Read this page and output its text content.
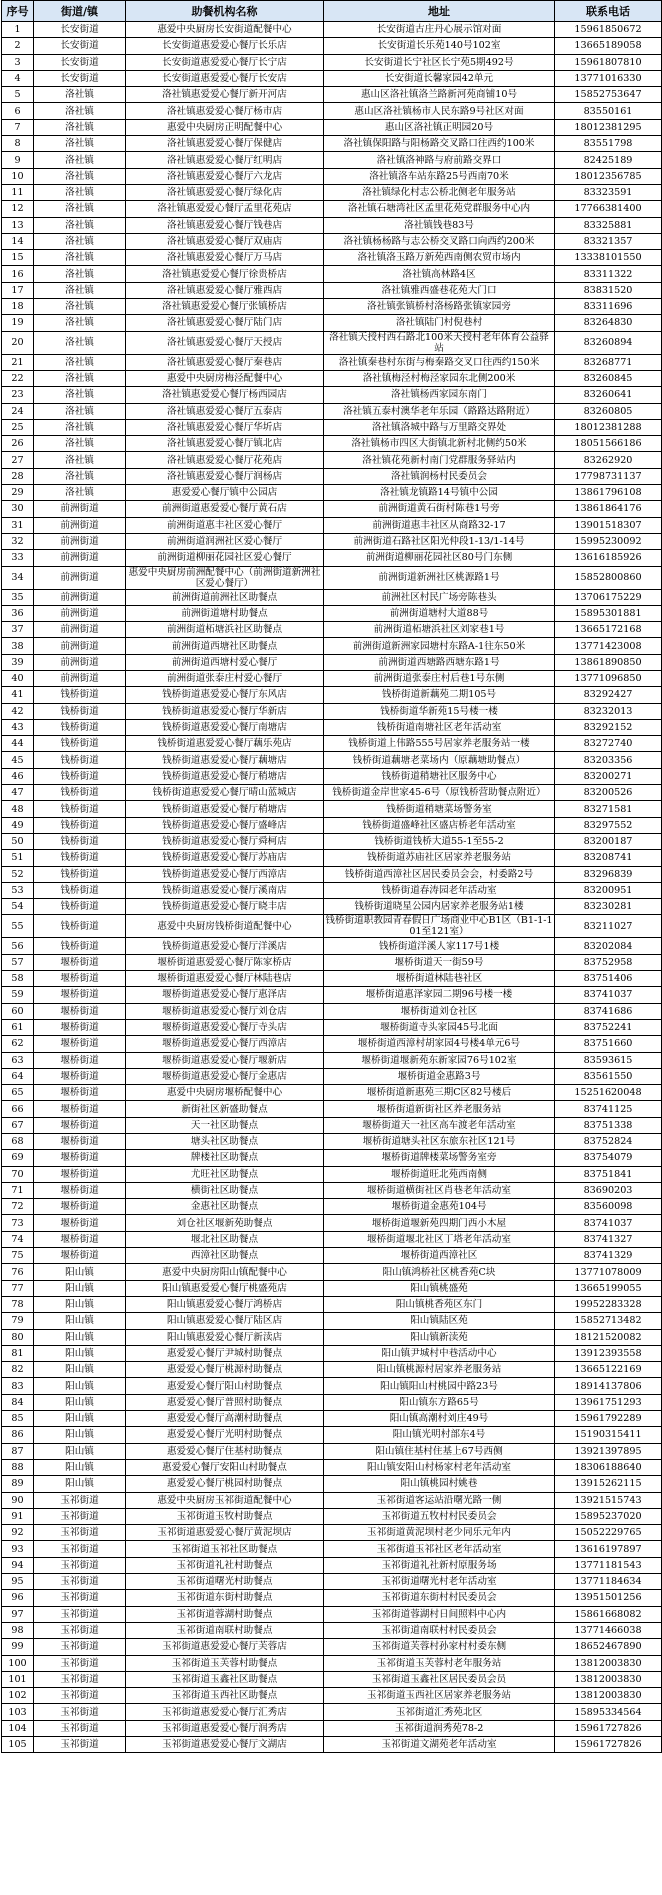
序号	街道/镇	助餐机构名称	地址	联系电话
1	长安街道	惠爱中央厨房长安街道配餐中心	长安街道古庄丹心展示馆对面	15961850672
2	长安街道	长安街道惠爱爱心餐厅长乐店	长安街道长乐苑140号102室	13665189058
3	长安街道	长安街道惠爱爱心餐厅长宁店	长安街道长宁社区长宁苑5期492号	15961807810
4	长安街道	长安街道惠爱爱心餐厅长安店	长安街道长馨家园42单元	13771016330
5	洛社镇	洛社镇惠爱爱心餐厅新开河店	惠山区洛社镇洛兰路新河苑商铺10号	15852753647
6	洛社镇	洛社镇惠爱爱心餐厅杨市店	惠山区洛社镇杨市人民东路9号社区对面	83550161
7	洛社镇	惠爱中央厨房正明配餐中心	惠山区洛社镇正明园20号	18012381295
8	洛社镇	洛社镇惠爱爱心餐厅保健店	洛社镇保阳路与阳杨路交叉路口往西约100米	83551798
9	洛社镇	洛社镇惠爱爱心餐厅红明店	洛社镇洛神路与府前路交界口	82425189
10	洛社镇	洛社镇惠爱爱心餐厅六龙店	洛社镇洛车站东路25号西南70米	18012356785
11	洛社镇	洛社镇惠爱爱心餐厅绿化店	洛社镇绿化村志公桥北侧老年服务站	83323591
12	洛社镇	洛社镇惠爱爱心餐厅孟里花苑店	洛社镇石塘湾社区孟里花苑党群服务中心内	17766381400
13	洛社镇	洛社镇惠爱爱心餐厅钱巷店	洛社镇钱巷83号	83325881
14	洛社镇	洛社镇惠爱爱心餐厅双庙店	洛社镇杨杨路与志公桥交叉路口向西约200米	83321357
15	洛社镇	洛社镇惠爱爱心餐厅万马店	洛社镇洛玉路万新苑西南侧农贸市场内	13338101550
16	洛社镇	洛社镇惠爱爱心餐厅徐贵桥店	洛社镇高林路4区	83311322
17	洛社镇	洛社镇惠爱爱心餐厅雅西店	洛社镇雅西盛巷花苑大门口	83831520
18	洛社镇	洛社镇惠爱爱心餐厅张镇桥店	洛社镇张镇桥村洛杨路张镇家园旁	83311696
19	洛社镇	洛社镇惠爱爱心餐厅陆门店	洛社镇陆门村倪巷村	83264830
20	洛社镇	洛社镇惠爱爱心餐厅天授店	洛社镇天授村西石路北100米天授村老年体育公益驿站	83260894
21	洛社镇	洛社镇惠爱爱心餐厅秦巷店	洛社镇秦巷村东街与梅秦路交叉口往西约150米	83268771
22	洛社镇	惠爱中央厨房梅泾配餐中心	洛社镇梅泾村梅泾家园东北侧200米	83260845
23	洛社镇	洛社镇惠爱爱心餐厅杨西园店	洛社镇杨西家园东南门	83260641
24	洛社镇	洛社镇惠爱爱心餐厅五泰店	洛社镇五泰村澳华老年乐园（路路达路附近）	83260805
25	洛社镇	洛社镇惠爱爱心餐厅华圻店	洛社镇洛城中路与万里路交界处	18012381288
26	洛社镇	洛社镇惠爱爱心餐厅镇北店	洛社镇杨市四区大街镇北新村北侧约50米	18051566186
27	洛社镇	洛社镇惠爱爱心餐厅花苑店	洛社镇花苑新村南门党群服务驿站内	83262920
28	洛社镇	洛社镇惠爱爱心餐厅润杨店	洛社镇润杨村民委员会	17798731137
29	洛社镇	惠爱爱心餐厅镇中公园店	洛社镇龙镇路14号镇中公园	13861796108
30	前洲街道	前洲街道惠爱爱心餐厅黄石店	前洲街道黄石街村陈巷1号旁	13861864176
31	前洲街道	前洲街道惠丰社区爱心餐厅	前洲街道惠丰社区从商路32-17	13901518307
32	前洲街道	前洲街道润洲社区爱心餐厅	前洲街道石路社区阳光仲段1-13/1-14号	15995230092
33	前洲街道	前洲街道柳丽花园社区爱心餐厅	前洲街道柳丽花园社区80号门东侧	13616185926
34	前洲街道	惠爱中央厨房前洲配餐中心（前洲街道新洲社区爱心餐厅）	前洲街道新洲社区桃源路1号	15852800860
35	前洲街道	前洲街道前洲社区助餐点	前洲社区村民广场旁陈巷头	13706175229
36	前洲街道	前洲街道塘村助餐点	前洲街道塘村大道88号	15895301881
37	前洲街道	前洲街道柘塘浜社区助餐点	前洲街道柘塘浜社区刘家巷1号	13665172168
38	前洲街道	前洲街道西塘社区助餐点	前洲街道新洲家园塘村东路A-1往东50米	13771423008
39	前洲街道	前洲街道西塘村爱心餐厅	前洲街道西塘路西塘东路1号	13861890850
40	前洲街道	前洲街道张泰庄村爱心餐厅	前洲街道张泰庄村后巷1号东侧	13771096850
41	钱桥街道	钱桥街道惠爱爱心餐厅东风店	钱桥街道新藕苑二期105号	83292427
42	钱桥街道	钱桥街道惠爱爱心餐厅华新店	钱桥街道华新苑15号楼一楼	83232013
43	钱桥街道	钱桥街道惠爱爱心餐厅南塘店	钱桥街道南塘社区老年活动室	83292152
44	钱桥街道	钱桥街道惠爱爱心餐厅藕乐苑店	钱桥街道上伟路555号居家养老服务站一楼	83272740
45	钱桥街道	钱桥街道惠爱爱心餐厅藕塘店	钱桥街道藕塘老菜场内（原藕塘助餐点）	83203356
46	钱桥街道	钱桥街道惠爱爱心餐厅稍塘店	钱桥街道稍塘社区服务中心	83200271
47	钱桥街道	钱桥街道惠爱爱心餐厅晴山蓝城店	钱桥街道金岸世家45-6号（原钱桥营助餐点附近）	83200526
48	钱桥街道	钱桥街道惠爱爱心餐厅稍塘店	钱桥街道稍塘菜场警务室	83271581
49	钱桥街道	钱桥街道惠爱爱心餐厅盛峰店	钱桥街道盛峰社区盛店桥老年活动室	83297552
50	钱桥街道	钱桥街道惠爱爱心餐厅舜柯店	钱桥街道钱桥大道55-1至55-2	83200187
51	钱桥街道	钱桥街道惠爱爱心餐厅苏庙店	钱桥街道苏庙社区居家养老服务站	83208741
52	钱桥街道	钱桥街道惠爱爱心餐厅西漳店	钱桥街道西漳社区居民委员会会，村委路2号	83296839
53	钱桥街道	钱桥街道惠爱爱心餐厅溪南店	钱桥街道春涛园老年活动室	83200951
54	钱桥街道	钱桥街道惠爱爱心餐厅晓丰店	钱桥街道晓星公园内居家养老服务站1楼	83230281
55	钱桥街道	惠爱中央厨房钱桥街道配餐中心	钱桥街道职教园青春假日广场商业中心B1区（B1-1-101至121室）	83211027
56	钱桥街道	钱桥街道惠爱爱心餐厅洋溪店	钱桥街道洋溪人家117号1楼	83202084
57	堰桥街道	堰桥街道惠爱爱心餐厅陈家桥店	堰桥街道天一街59号	83752958
58	堰桥街道	堰桥街道惠爱爱心餐厅林陆巷店	堰桥街道林陆巷社区	83751406
59	堰桥街道	堰桥街道惠爱爱心餐厅惠泽店	堰桥街道惠泽家园二期96号楼一楼	83741037
60	堰桥街道	堰桥街道惠爱爱心餐厅刘仓店	堰桥街道刘仓社区	83741686
61	堰桥街道	堰桥街道惠爱爱心餐厅寺头店	堰桥街道寺头家园45号北面	83752241
62	堰桥街道	堰桥街道惠爱爱心餐厅西漳店	堰桥街道西漳村胡家园4号楼4单元6号	83751660
63	堰桥街道	堰桥街道惠爱爱心餐厅堰新店	堰桥街道堰新苑东新家园76号102室	83593615
64	堰桥街道	堰桥街道惠爱爱心餐厅金惠店	堰桥街道金惠路3号	83561550
65	堰桥街道	惠爱中央厨房堰桥配餐中心	堰桥街道新惠苑三期C区82号楼后	15251620048
66	堰桥街道	新街社区新盛助餐点	堰桥街道新街社区养老服务站	83741125
67	堰桥街道	天一社区助餐点	堰桥街道天一社区高车渡老年活动室	83751338
68	堰桥街道	塘头社区助餐点	堰桥街道塘头社区东旅东社区121号	83752824
69	堰桥街道	牌楼社区助餐点	堰桥街道牌楼菜场警务室旁	83754079
70	堰桥街道	尤旺社区助餐点	堰桥街道旺北苑西南侧	83751841
71	堰桥街道	横街社区助餐点	堰桥街道横街社区肖巷老年活动室	83690203
72	堰桥街道	金惠社区助餐点	堰桥街道金惠苑104号	83560098
73	堰桥街道	刘仓社区堰新苑助餐点	堰桥街道堰新苑四期门西小木屋	83741037
74	堰桥街道	堰北社区助餐点	堰桥街道堰北社区丁塔老年活动室	83741327
75	堰桥街道	西漳社区助餐点	堰桥街道西漳社区	83741329
76	阳山镇	惠爱中央厨房阳山镇配餐中心	阳山镇鸿桥社区桃香苑C块	13771078009
77	阳山镇	阳山镇惠爱爱心餐厅桃盛苑店	阳山镇桃盛苑	13665199055
78	阳山镇	阳山镇惠爱爱心餐厅鸿桥店	阳山镇桃香苑区东门	19952283328
79	阳山镇	阳山镇惠爱爱心餐厅陆区店	阳山镇陆区苑	15852713482
80	阳山镇	阳山镇惠爱爱心餐厅新渎店	阳山镇新渎苑	18121520082
81	阳山镇	惠爱爱心餐厅尹城村助餐点	阳山镇尹城村中巷活动中心	13912393558
82	阳山镇	惠爱爱心餐厅桃源村助餐点	阳山镇桃源村居家养老服务站	13665122169
83	阳山镇	惠爱爱心餐厅阳山村助餐点	阳山镇阳山村桃园中路23号	18914137806
84	阳山镇	惠爱爱心餐厅普照村助餐点	阳山镇东方路65号	13961751293
85	阳山镇	惠爱爱心餐厅高潮村助餐点	阳山镇高潮村刘庄49号	15961792289
86	阳山镇	惠爱爱心餐厅光明村助餐点	阳山镇光明村部东4号	15190315411
87	阳山镇	惠爱爱心餐厅住基村助餐点	阳山镇住基村住基上67号西侧	13921397895
88	阳山镇	惠爱爱心餐厅安阳山村助餐点	阳山镇安阳山村杨家村老年活动室	18306188640
89	阳山镇	惠爱爱心餐厅桃园村助餐点	阳山镇桃园村姚巷	13915262115
90	玉祁街道	惠爱中央厨房玉祁街道配餐中心	玉祁街道客运站沿曙光路一侧	13921515743
91	玉祁街道	玉祁街道玉牧村助餐点	玉祁街道五牧村村民委员会	15895237020
92	玉祁街道	玉祁街道惠爱爱心餐厅黄泥坝店	玉祁街道黄泥坝村老少同乐元年内	15052229765
93	玉祁街道	玉祁街道玉祁社区助餐点	玉祁街道玉祁社区老年活动室	13616197897
94	玉祁街道	玉祁街道礼社村助餐点	玉祁街道礼社新村原服务场	13771181543
95	玉祁街道	玉祁街道曙光村助餐点	玉祁街道曙光村老年活动室	13771184634
96	玉祁街道	玉祁街道东街村助餐点	玉祁街道东街村村民委员会	13951501256
97	玉祁街道	玉祁街道蓉湖村助餐点	玉祁街道蓉湖村日间照料中心内	15861668082
98	玉祁街道	玉祁街道南联村助餐点	玉祁街道南联村村民委员会	13771466038
99	玉祁街道	玉祁街道惠爱爱心餐厅芙蓉店	玉祁街道芙蓉村孙家村村委东侧	18652467890
100	玉祁街道	玉祁街道玉芙蓉村助餐点	玉祁街道玉芙蓉村老年服务站	13812003830
101	玉祁街道	玉祁街道玉鑫社区助餐点	玉祁街道玉鑫社区居民委员会员	13812003830
102	玉祁街道	玉祁街道玉西社区助餐点	玉祁街道玉西社区居家养老服务站	13812003830
103	玉祁街道	玉祁街道惠爱爱心餐厅汇秀店	玉祁街道汇秀苑北区	15895334564
104	玉祁街道	玉祁街道惠爱爱心餐厅润秀店	玉祁街道润秀苑78-2	15961727826
105	玉祁街道	玉祁街道惠爱爱心餐厅文湖店	玉祁街道文湖苑老年活动室	15961727826
